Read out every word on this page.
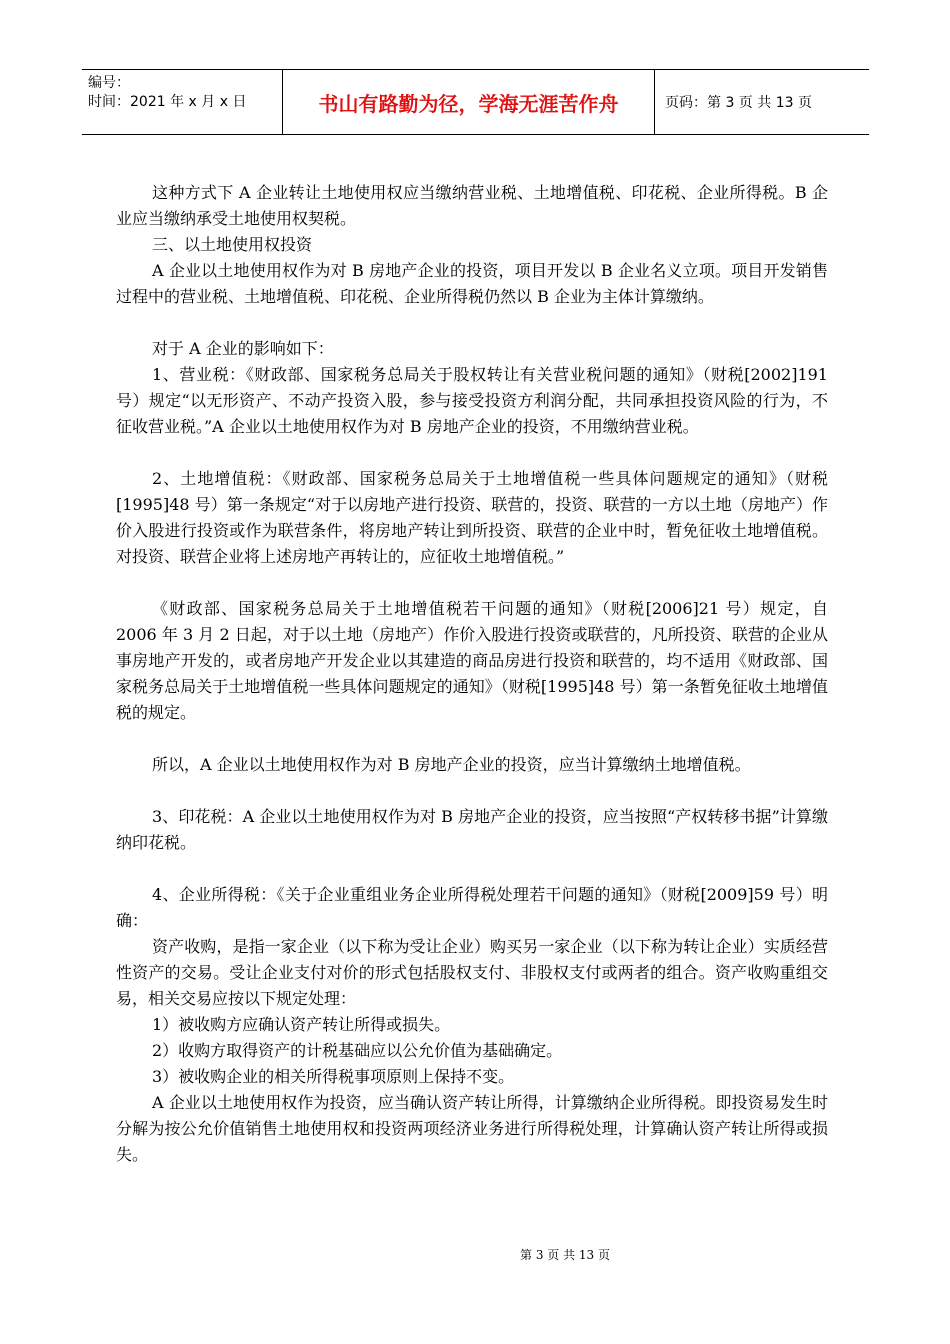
编号：
时间：2021 年 x 月 x 日	书山有路勤为径，学海无涯苦作舟	页码：第 3 页 共 13 页

这种方式下 A 企业转让土地使用权应当缴纳营业税、土地增值税、印花税、企业所得税。B 企业应当缴纳承受土地使用权契税。

三、以土地使用权投资

A 企业以土地使用权作为对 B 房地产企业的投资，项目开发以 B 企业名义立项。项目开发销售过程中的营业税、土地增值税、印花税、企业所得税仍然以 B 企业为主体计算缴纳。

对于 A 企业的影响如下：

1、营业税：《财政部、国家税务总局关于股权转让有关营业税问题的通知》（财税[2002]191 号）规定“以无形资产、不动产投资入股，参与接受投资方利润分配，共同承担投资风险的行为，不征收营业税。”A 企业以土地使用权作为对 B 房地产企业的投资，不用缴纳营业税。

2、土地增值税：《财政部、国家税务总局关于土地增值税一些具体问题规定的通知》（财税[1995]48 号）第一条规定“对于以房地产进行投资、联营的，投资、联营的一方以土地（房地产）作价入股进行投资或作为联营条件，将房地产转让到所投资、联营的企业中时，暂免征收土地增值税。对投资、联营企业将上述房地产再转让的，应征收土地增值税。”

《财政部、国家税务总局关于土地增值税若干问题的通知》（财税[2006]21 号）规定，自 2006 年 3 月 2 日起，对于以土地（房地产）作价入股进行投资或联营的，凡所投资、联营的企业从事房地产开发的，或者房地产开发企业以其建造的商品房进行投资和联营的，均不适用《财政部、国家税务总局关于土地增值税一些具体问题规定的通知》（财税[1995]48 号）第一条暂免征收土地增值税的规定。

所以，A 企业以土地使用权作为对 B 房地产企业的投资，应当计算缴纳土地增值税。

3、印花税：A 企业以土地使用权作为对 B 房地产企业的投资，应当按照“产权转移书据”计算缴纳印花税。

4、企业所得税：《关于企业重组业务企业所得税处理若干问题的通知》（财税[2009]59 号）明确：

资产收购，是指一家企业（以下称为受让企业）购买另一家企业（以下称为转让企业）实质经营性资产的交易。受让企业支付对价的形式包括股权支付、非股权支付或两者的组合。资产收购重组交易，相关交易应按以下规定处理：

1）被收购方应确认资产转让所得或损失。

2）收购方取得资产的计税基础应以公允价值为基础确定。

3）被收购企业的相关所得税事项原则上保持不变。

A 企业以土地使用权作为投资，应当确认资产转让所得，计算缴纳企业所得税。即投资易发生时分解为按公允价值销售土地使用权和投资两项经济业务进行所得税处理，计算确认资产转让所得或损失。

第 3 页 共 13 页
